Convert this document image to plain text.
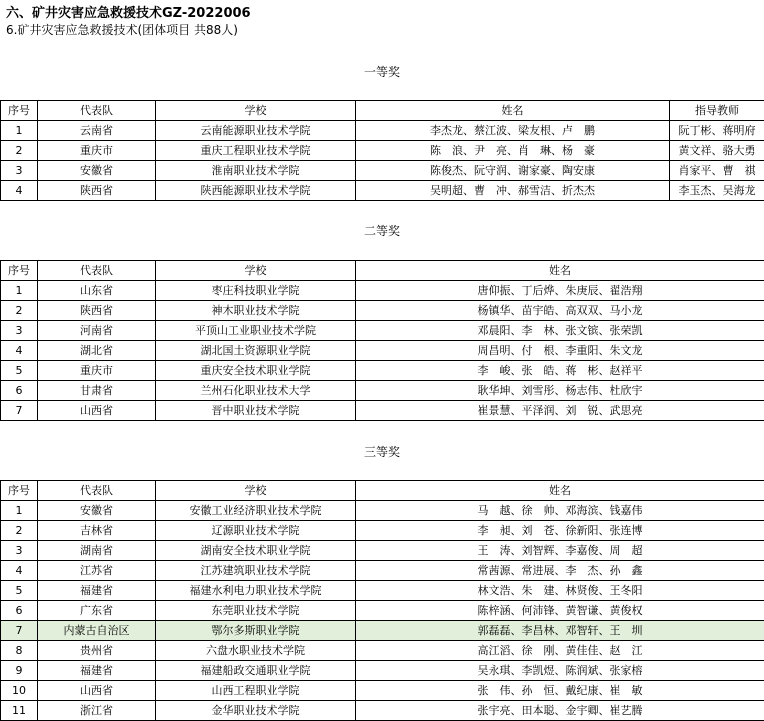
六、矿井灾害应急救援技术GZ-2022006
6.矿井灾害应急救援技术(团体项目 共88人)
一等奖
序号	代表队	学校	姓名	指导教师
1	云南省	云南能源职业技术学院	李杰龙、蔡江波、梁友根、卢　鹏	阮丁彬、蒋明府
2	重庆市	重庆工程职业技术学院	陈　浪、尹　亮、肖　琳、杨　豪	黄文祥、骆大勇
3	安徽省	淮南职业技术学院	陈俊杰、阮守润、谢家豪、陶安康	肖家平、曹　祺
4	陕西省	陕西能源职业技术学院	吴明超、曹　冲、郝雪洁、折杰杰	李玉杰、吴海龙
二等奖
序号	代表队	学校	姓名
1	山东省	枣庄科技职业学院	唐仰振、丁后烨、朱庚辰、翟浩翔
2	陕西省	神木职业技术学院	杨镇华、苗宇皓、高双双、马小龙
3	河南省	平顶山工业职业技术学院	邓晨阳、李　林、张文镔、张荣凯
4	湖北省	湖北国土资源职业学院	周昌明、付　根、李重阳、朱文龙
5	重庆市	重庆安全技术职业学院	李　峻、张　皓、蒋　彬、赵祥平
6	甘肃省	兰州石化职业技术大学	耿华坤、刘雪彤、杨志伟、杜欣宇
7	山西省	晋中职业技术学院	崔景慧、平泽润、刘　锐、武思亮
三等奖
序号	代表队	学校	姓名
1	安徽省	安徽工业经济职业技术学院	马　越、徐　帅、邓海滨、钱嘉伟
2	吉林省	辽源职业技术学院	李　昶、刘　苍、徐新阳、张连博
3	湖南省	湖南安全技术职业学院	王　涛、刘智辉、李嘉俊、周　超
4	江苏省	江苏建筑职业技术学院	常茜源、常进展、李　杰、孙　鑫
5	福建省	福建水利电力职业技术学院	林文浩、朱　建、林贤俊、王冬阳
6	广东省	东莞职业技术学院	陈梓涵、何沛锋、黄智谦、黄俊权
7	内蒙古自治区	鄂尔多斯职业学院	郭磊磊、李昌林、邓智轩、王　圳
8	贵州省	六盘水职业技术学院	高江滔、徐　刚、黄佳佳、赵　江
9	福建省	福建船政交通职业学院	吴永琪、李凯煜、陈润斌、张家榕
10	山西省	山西工程职业学院	张　伟、孙　恒、戴纪康、崔　敏
11	浙江省	金华职业技术学院	张宇亮、田本聪、金宇卿、崔艺腾
